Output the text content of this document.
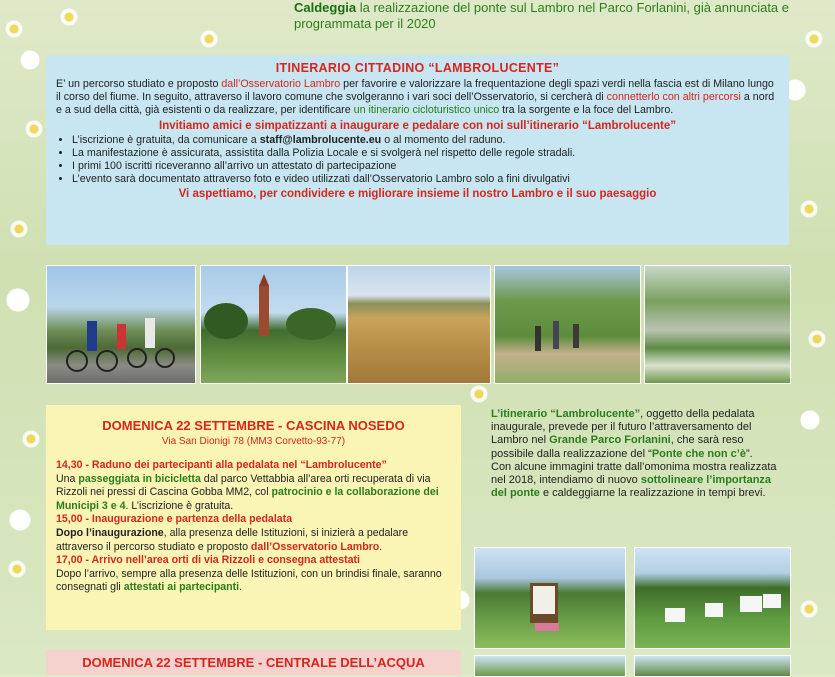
Caldeggia la realizzazione del ponte sul Lambro nel Parco Forlanini, già annunciata e programmata per il 2020
ITINERARIO CITTADINO “LAMBROLUCENTE”
E’ un percorso studiato e proposto dall’Osservatorio Lambro per favorire e valorizzare la frequentazione degli spazi verdi nella fascia est di Milano lungo il corso del fiume. In seguito, attraverso il lavoro comune che svolgeranno i vari soci dell’Osservatorio, si cercherà di connetterlo con altri percorsi a nord e a sud della città, già esistenti o da realizzare, per identificare un itinerario cicloturistico unico tra la sorgente e la foce del Lambro.
Invitiamo amici e simpatizzanti a inaugurare e pedalare con noi sull’itinerario “Lambrolucente”
• L’iscrizione è gratuita, da comunicare a staff@lambrolucente.eu o al momento del raduno.
• La manifestazione è assicurata, assistita dalla Polizia Locale e si svolgerà nel rispetto delle regole stradali.
• I primi 100 iscritti riceveranno all’arrivo un attestato di partecipazione
• L’evento sarà documentato attraverso foto e video utilizzati dall’Osservatorio Lambro solo a fini divulgativi
Vi aspettiamo, per condividere e migliorare insieme il nostro Lambro e il suo paesaggio
DOMENICA 22 SETTEMBRE - CASCINA NOSEDO
Via San Dionigi 78 (MM3 Corvetto-93-77)
14,30 - Raduno dei partecipanti alla pedalata nel “Lambrolucente”
Una passeggiata in bicicletta dal parco Vettabbia all’area orti recuperata di via Rizzoli nei pressi di Cascina Gobba MM2, col patrocinio e la collaborazione dei Municipi 3 e 4. L’iscrizione è gratuita.
15,00 - Inaugurazione e partenza della pedalata
Dopo l’inaugurazione, alla presenza delle Istituzioni, si inizierà a pedalare attraverso il percorso studiato e proposto dall’Osservatorio Lambro.
17,00 - Arrivo nell’area orti di via Rizzoli e consegna attestati
Dopo l’arrivo, sempre alla presenza delle Istituzioni, con un brindisi finale, saranno consegnati gli attestati ai partecipanti.
L’itinerario “Lambrolucente”, oggetto della pedalata inaugurale, prevede per il futuro l’attraversamento del Lambro nel Grande Parco Forlanini, che sarà reso possibile dalla realizzazione del “Ponte che non c’è”.
Con alcune immagini tratte dall’omonima mostra realizzata nel 2018, intendiamo di nuovo sottolineare l’importanza del ponte e caldeggiarne la realizzazione in tempi brevi.
DOMENICA 22 SETTEMBRE - CENTRALE DELL’ACQUA
